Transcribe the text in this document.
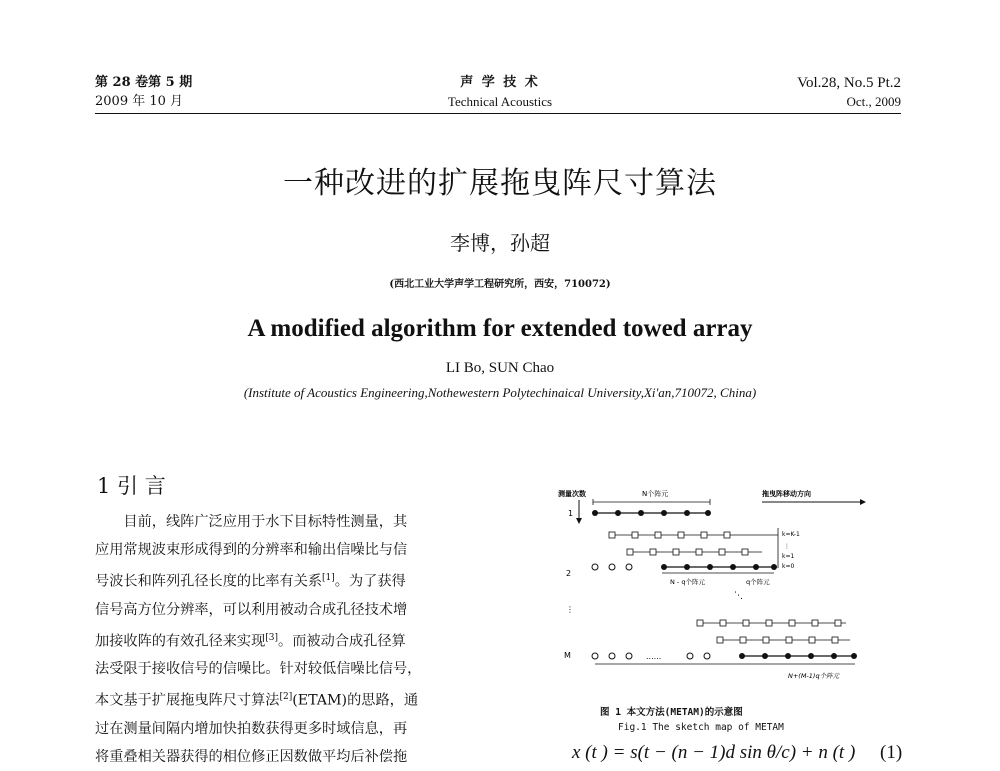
第 28 卷第 5 期
2009 年 10 月
声 学 技 术
Technical Acoustics
Vol.28, No.5 Pt.2
Oct., 2009
一种改进的扩展拖曳阵尺寸算法
李博，孙超
(西北工业大学声学工程研究所，西安，710072)
A modified algorithm for extended towed array
LI Bo, SUN Chao
(Institute of Acoustics Engineering,Nothewestern Polytechinaical University,Xi'an,710072, China)
1 引 言
　　目前，线阵广泛应用于水下目标特性测量，其
应用常规波束形成得到的分辨率和输出信噪比与信
号波长和阵列孔径长度的比率有关系[1]。为了获得
信号高方位分辨率，可以利用被动合成孔径技术增
加接收阵的有效孔径来实现[3]。而被动合成孔径算
法受限于接收信号的信噪比。针对较低信噪比信号，
本文基于扩展拖曳阵尺寸算法[2](ETAM)的思路，通
过在测量间隔内增加快拍数获得更多时域信息，再
将重叠相关器获得的相位修正因数做平均后补偿拖
测量次数	N个阵元	拖曳阵移动方向
1
2
⋮
M
k=K-1
⋮
k=1
k=0
N - q个阵元	q个阵元
⋱
......
N+(M-1)q个阵元
图 1 本文方法(METAM)的示意图
Fig.1 The sketch map of METAM
x (t ) = s(t − (n − 1)d sin θ/c) + n (t ) (1)
